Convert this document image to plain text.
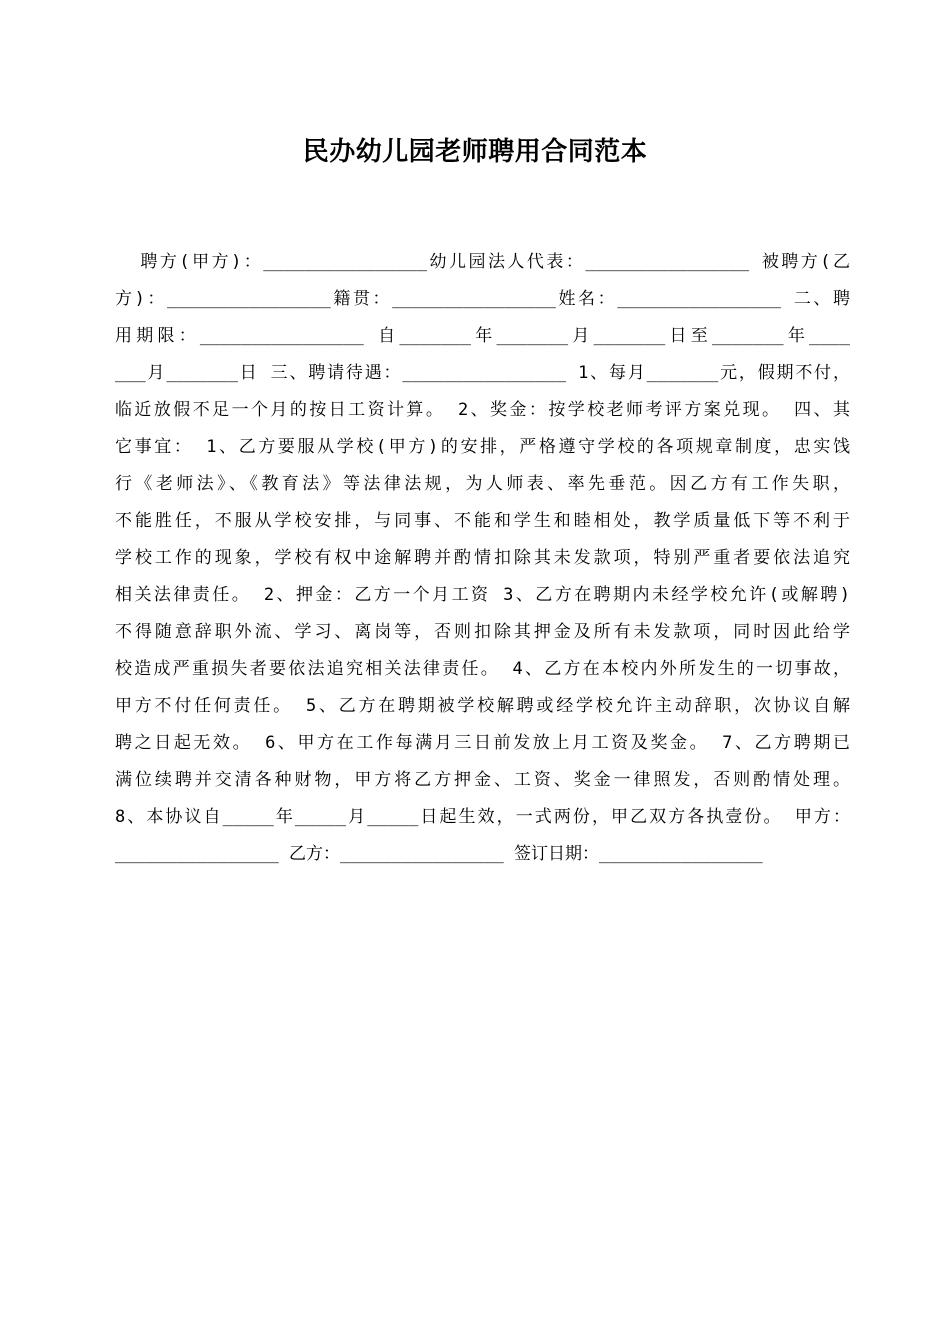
民办幼儿园老师聘用合同范本
聘方(甲方)：________________幼儿园法人代表：________________ 被聘方(乙
方)：________________籍贯：________________姓名：________________ 二、聘
用期限：________________ 自_______年_______月_______日至_______年____
___月_______日 三、聘请待遇：________________ 1、每月_______元，假期不付，
临近放假不足一个月的按日工资计算。 2、奖金：按学校老师考评方案兑现。 四、其
它事宜： 1、乙方要服从学校(甲方)的安排，严格遵守学校的各项规章制度，忠实饯
行《老师法》、《教育法》等法律法规，为人师表、率先垂范。因乙方有工作失职，
不能胜任，不服从学校安排，与同事、不能和学生和睦相处，教学质量低下等不利于
学校工作的现象，学校有权中途解聘并酌情扣除其未发款项，特别严重者要依法追究
相关法律责任。 2、押金：乙方一个月工资 3、乙方在聘期内未经学校允许(或解聘)
不得随意辞职外流、学习、离岗等，否则扣除其押金及所有未发款项，同时因此给学
校造成严重损失者要依法追究相关法律责任。 4、乙方在本校内外所发生的一切事故，
甲方不付任何责任。 5、乙方在聘期被学校解聘或经学校允许主动辞职，次协议自解
聘之日起无效。 6、甲方在工作每满月三日前发放上月工资及奖金。 7、乙方聘期已
满位续聘并交清各种财物，甲方将乙方押金、工资、奖金一律照发，否则酌情处理。
8、本协议自_____年_____月_____日起生效，一式两份，甲乙双方各执壹份。 甲方：
________________ 乙方：________________ 签订日期：________________
